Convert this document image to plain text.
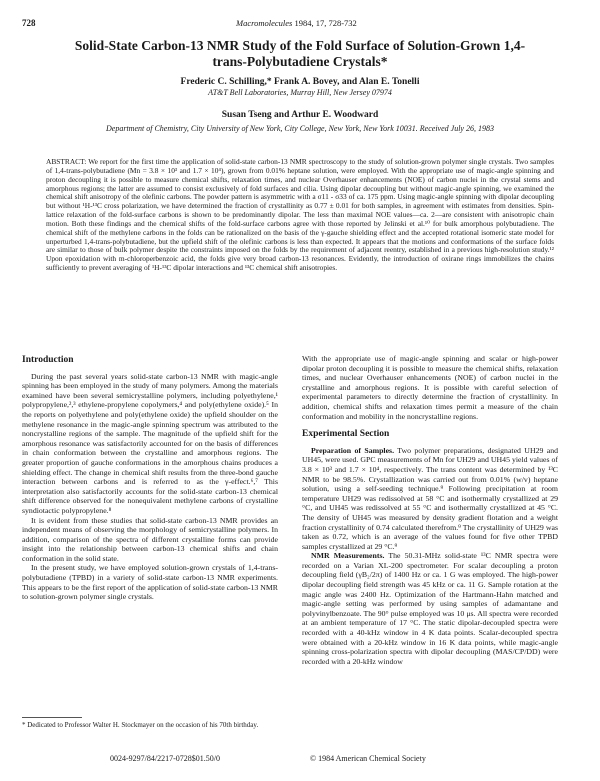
728	Macromolecules 1984, 17, 728-732
Solid-State Carbon-13 NMR Study of the Fold Surface of Solution-Grown 1,4-trans-Polybutadiene Crystals*
Frederic C. Schilling,* Frank A. Bovey, and Alan E. Tonelli
AT&T Bell Laboratories, Murray Hill, New Jersey 07974
Susan Tseng and Arthur E. Woodward
Department of Chemistry, City University of New York, City College, New York, New York 10031. Received July 26, 1983
ABSTRACT: We report for the first time the application of solid-state carbon-13 NMR spectroscopy to the study of solution-grown polymer single crystals. Two samples of 1,4-trans-polybutadiene (Mn = 3.8 × 10³ and 1.7 × 10⁴), grown from 0.01% heptane solution, were employed. With the appropriate use of magic-angle spinning and proton decoupling it is possible to measure chemical shifts, relaxation times, and nuclear Overhauser enhancements (NOE) of carbon nuclei in the crystal stems and amorphous regions; the latter are assumed to consist exclusively of fold surfaces and cilia. Using dipolar decoupling but without magic-angle spinning, we examined the chemical shift anisotropy of the olefinic carbons. The powder pattern is asymmetric with a σ11 - σ33 of ca. 175 ppm. Using magic-angle spinning with dipolar decoupling but without ¹H-¹³C cross polarization, we have determined the fraction of crystallinity as 0.77 ± 0.01 for both samples, in agreement with estimates from densities. Spin-lattice relaxation of the fold-surface carbons is shown to be predominantly dipolar. The less than maximal NOE values—ca. 2—are consistent with anisotropic chain motion. Both these findings and the chemical shifts of the fold-surface carbons agree with those reported by Jelinski et al.¹⁰ for bulk amorphous polybutadiene. The chemical shift of the methylene carbons in the folds can be rationalized on the basis of the γ-gauche shielding effect and the accepted rotational isomeric state model for unperturbed 1,4-trans-polybutadiene, but the upfield shift of the olefinic carbons is less than expected. It appears that the motions and conformations of the surface folds are similar to those of bulk polymer despite the constraints imposed on the folds by the requirement of adjacent reentry, established in a previous high-resolution study.¹² Upon epoxidation with m-chloroperbenzoic acid, the folds give very broad carbon-13 resonances. Evidently, the introduction of oxirane rings immobilizes the chains sufficiently to prevent averaging of ¹H-¹³C dipolar interactions and ¹³C chemical shift anisotropies.
Introduction

During the past several years solid-state carbon-13 NMR with magic-angle spinning has been employed in the study of many polymers. Among the materials examined have been several semicrystalline polymers, including polyethylene,¹ polypropylene,²,³ ethylene-propylene copolymers,⁴ and poly(ethylene oxide).⁵ In the reports on polyethylene and poly(ethylene oxide) the upfield shoulder on the methylene resonance in the magic-angle spinning spectrum was attributed to the noncrystalline regions of the sample. The magnitude of the upfield shift for the amorphous resonance was satisfactorily accounted for on the basis of differences in chain conformation between the crystalline and amorphous regions. The greater proportion of gauche conformations in the amorphous chains produces a shielding effect. The change in chemical shift results from the three-bond gauche interaction between carbons and is referred to as the γ-effect.⁶,⁷ This interpretation also satisfactorily accounts for the solid-state carbon-13 chemical shift difference observed for the nonequivalent methylene carbons of crystalline syndiotactic polypropylene.⁸

It is evident from these studies that solid-state carbon-13 NMR provides an independent means of observing the morphology of semicrystalline polymers. In addition, comparison of the spectra of different crystalline forms can provide insight into the relationship between carbon-13 chemical shifts and chain conformation in the solid state.

In the present study, we have employed solution-grown crystals of 1,4-trans-polybutadiene (TPBD) in a variety of solid-state carbon-13 NMR experiments. This appears to be the first report of the application of solid-state carbon-13 NMR to solution-grown polymer single crystals.

* Dedicated to Professor Walter H. Stockmayer on the occasion of his 70th birthday.

With the appropriate use of magic-angle spinning and scalar or high-power dipolar proton decoupling it is possible to measure the chemical shifts, relaxation times, and nuclear Overhauser enhancements (NOE) of carbon nuclei in the crystalline and amorphous regions. It is possible with careful selection of experimental parameters to directly determine the fraction of crystallinity. In addition, chemical shifts and relaxation times permit a measure of the chain conformation and mobility in the noncrystalline regions.

Experimental Section

Preparation of Samples. Two polymer preparations, designated UH29 and UH45, were used. GPC measurements of Mn for UH29 and UH45 yield values of 3.8 × 10³ and 1.7 × 10⁴, respectively. The trans content was determined by ¹³C NMR to be 98.5%. Crystallization was carried out from 0.01% (w/v) heptane solution, using a self-seeding technique.⁹ Following precipitation at room temperature UH29 was redissolved at 58 °C and isothermally crystallized at 29 °C, and UH45 was redissolved at 55 °C and isothermally crystallized at 45 °C. The density of UH45 was measured by density gradient flotation and a weight fraction crystallinity of 0.74 calculated therefrom.⁹ The crystallinity of UH29 was taken as 0.72, which is an average of the values found for five other TPBD samples crystallized at 29 °C.⁹

NMR Measurements. The 50.31-MHz solid-state ¹³C NMR spectra were recorded on a Varian XL-200 spectrometer. For scalar decoupling a proton decoupling field (γB₂/2π) of 1400 Hz or ca. 1 G was employed. The high-power dipolar decoupling field strength was 45 kHz or ca. 11 G. Sample rotation at the magic angle was 2400 Hz. Optimization of the Hartmann-Hahn matched and magic-angle setting was performed by using samples of adamantane and polyvinylbenzoate. The 90° pulse employed was 10 μs. All spectra were recorded at an ambient temperature of 17 °C. The static dipolar-decoupled spectra were recorded with a 40-kHz window in 4 K data points. Scalar-decoupled spectra were obtained with a 20-kHz window in 16 K data points, while magic-angle spinning cross-polarization spectra with dipolar decoupling (MAS/CP/DD) were recorded with a 20-kHz window

0024-9297/84/2217-0728$01.50/0	© 1984 American Chemical Society
